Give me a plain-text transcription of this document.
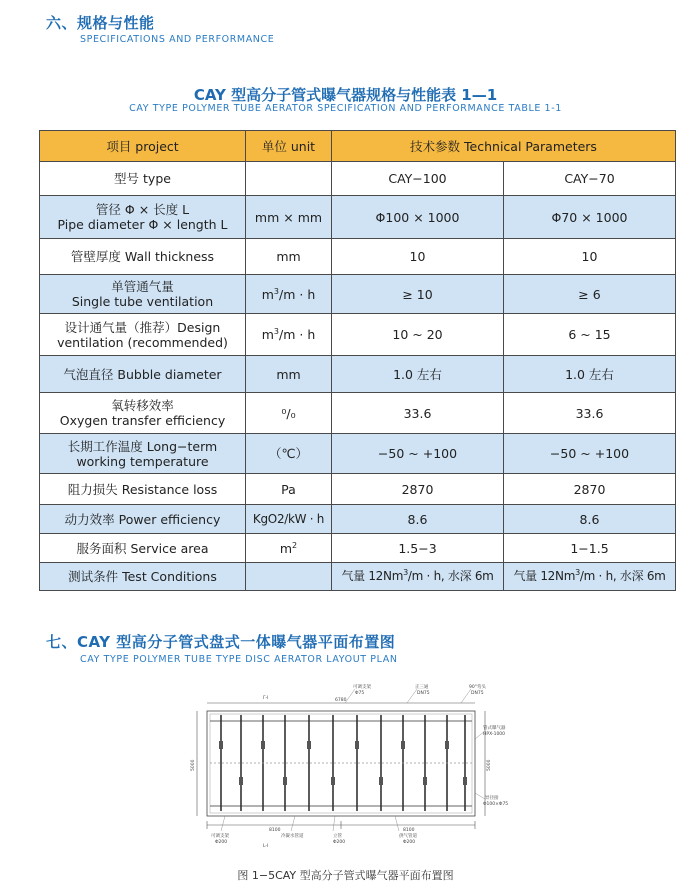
六、规格与性能
SPECIFICATIONS AND PERFORMANCE
CAY 型高分子管式曝气器规格与性能表 1—1
CAY TYPE POLYMER TUBE AERATOR SPECIFICATION AND PERFORMANCE TABLE 1-1
项目 project	单位 unit	技术参数 Technical Parameters	

型号 type		CAY−100	CAY−70

管径 Φ × 长度 L
Pipe diameter Φ × length L	mm × mm	Φ100 × 1000	Φ70 × 1000

管壁厚度 Wall thickness	mm	10	10

单管通气量
Single tube ventilation	$m^3/m \cdot h$	≥ 10	≥ 6

设计通气量（推荐）Design
ventilation (recommended)	$m^3/m \cdot h$	10 ~ 20	6 ~ 15

气泡直径 Bubble diameter	mm	1.0 左右	1.0 左右

氧转移效率
Oxygen transfer efficiency	⁰/₀	33.6	33.6

长期工作温度 Long−term
working temperature	（℃）	−50 ~ +100	−50 ~ +100

阻力损失 Resistance loss	Pa	2870	2870

动力效率 Power efficiency	KgO2/kW · h	8.6	8.6

服务面积 Service area	$m^2$	1.5−3	1−1.5

测试条件 Test Conditions		气量 $12Nm^3/m \cdot h$, 水深 6m	气量 $12Nm^3/m \cdot h$, 水深 6m
七、CAY 型高分子管式盘式一体曝气器平面布置图
CAY TYPE POLYMER TUBE TYPE DISC AERATOR LAYOUT PLAN
可调支架
Φ75
正三通
DN75
90°弯头
DN75
管式曝气器
HPX-1000
异径接
Φ100×Φ75
可调支架
Φ200
冷凝水管道	立管
Φ200
供气管道
Φ200
8100	8100
5000	5000
6780
Γ-I
L-I
图 1−5CAY 型高分子管式曝气器平面布置图
